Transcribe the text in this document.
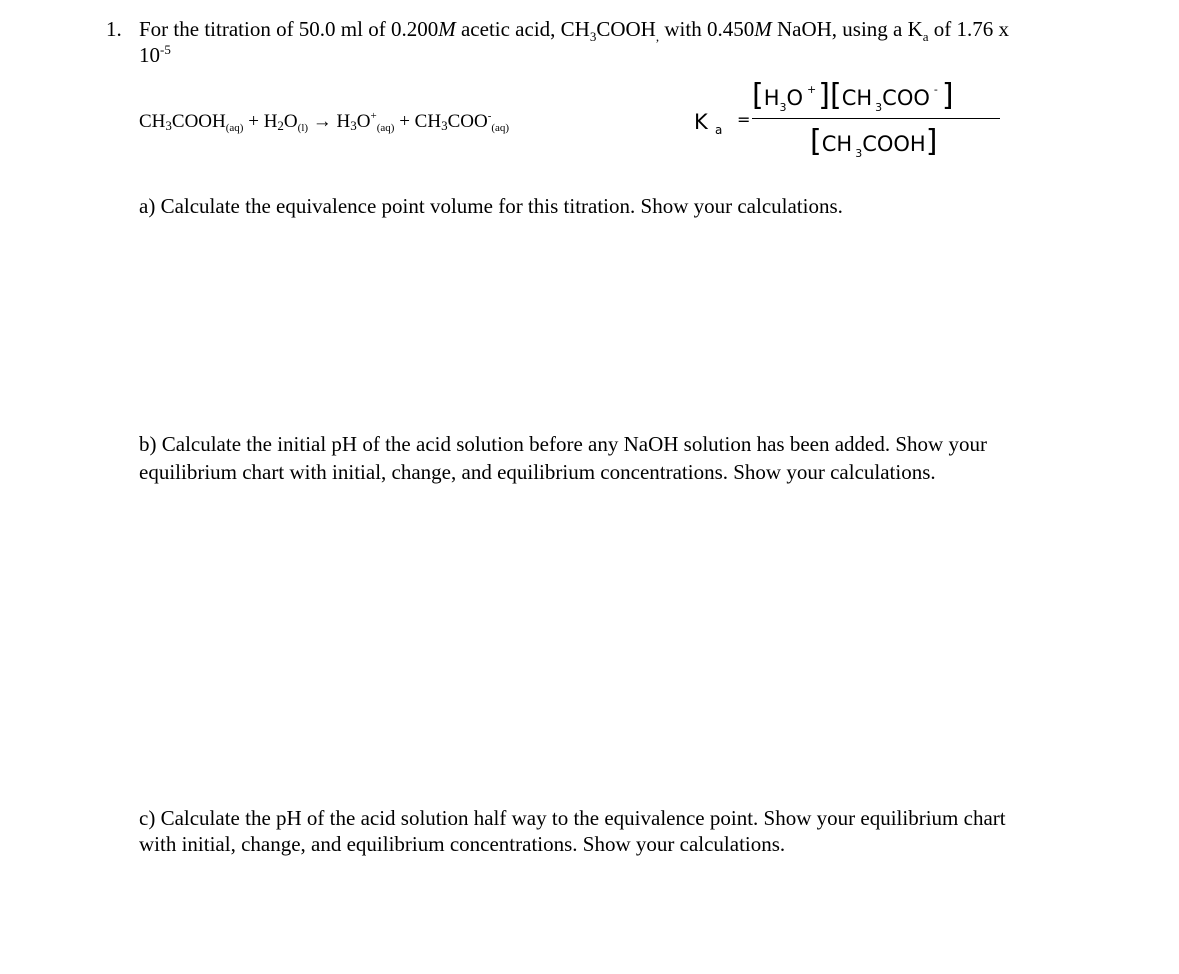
1. For the titration of 50.0 ml of 0.200M acetic acid, $CH_3COOH_,$ with 0.450M NaOH, using a $K_a$ of 1.76 x
$10^{-5}$
$CH3COOH_{(aq)} + H2O_{(l)} \to H3O^+_{(aq)} + CH3COO^-_{(aq)}$	K a
=
[$H_3O$ +][CH $_3$COO - ]
[CH $_3$COOH]
a) Calculate the equivalence point volume for this titration. Show your calculations.
b) Calculate the initial pH of the acid solution before any NaOH solution has been added. Show your
equilibrium chart with initial, change, and equilibrium concentrations. Show your calculations.
c) Calculate the pH of the acid solution half way to the equivalence point. Show your equilibrium chart
with initial, change, and equilibrium concentrations. Show your calculations.
